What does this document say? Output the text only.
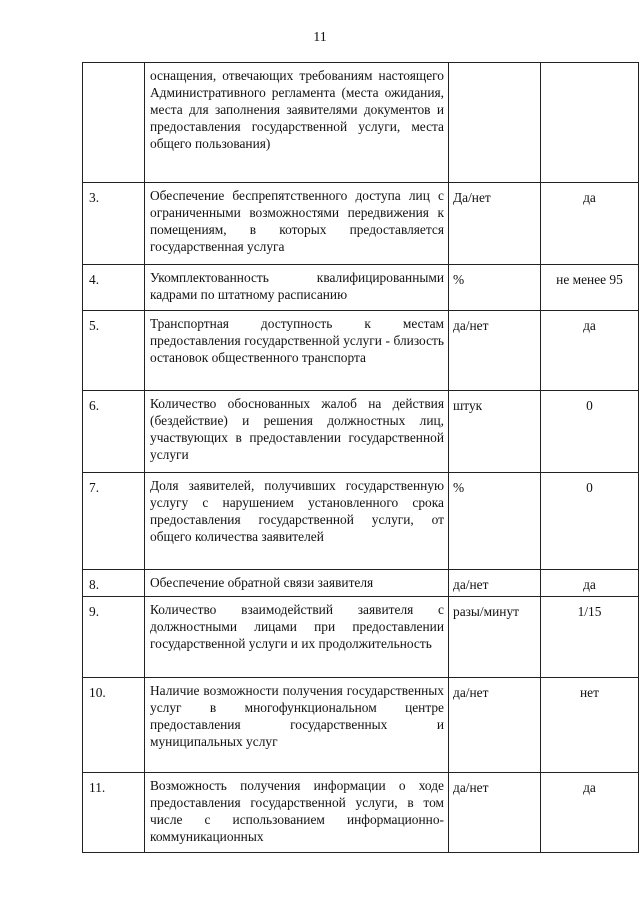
11
	оснащения, отвечающих требованиям настоящего Административного регламента (места ожидания, места для заполнения заявителями документов и предоставления государственной услуги, места общего пользования)		
3.	Обеспечение беспрепятственного доступа лиц с ограниченными возможностями передвижения к помещениям, в которых предоставляется государственная услуга	Да/нет	да
4.	Укомплектованность квалифицированными кадрами по штатному расписанию	%	не менее 95
5.	Транспортная доступность к местам предоставления государственной услуги - близость остановок общественного транспорта	да/нет	да
6.	Количество обоснованных жалоб на действия (бездействие) и решения должностных лиц, участвующих в предоставлении государственной услуги	штук	0
7.	Доля заявителей, получивших государственную услугу с нарушением установленного срока предоставления государственной услуги, от общего количества заявителей	%	0
8.	Обеспечение обратной связи заявителя	да/нет	да
9.	Количество взаимодействий заявителя с должностными лицами при предоставлении государственной услуги и их продолжительность	разы/минут	1/15
10.	Наличие возможности получения государственных услуг в многофункциональном центре предоставления государственных и муниципальных услуг	да/нет	нет
11.	Возможность получения информации о ходе предоставления государственной услуги, в том числе с использованием информационно-коммуникационных	да/нет	да
